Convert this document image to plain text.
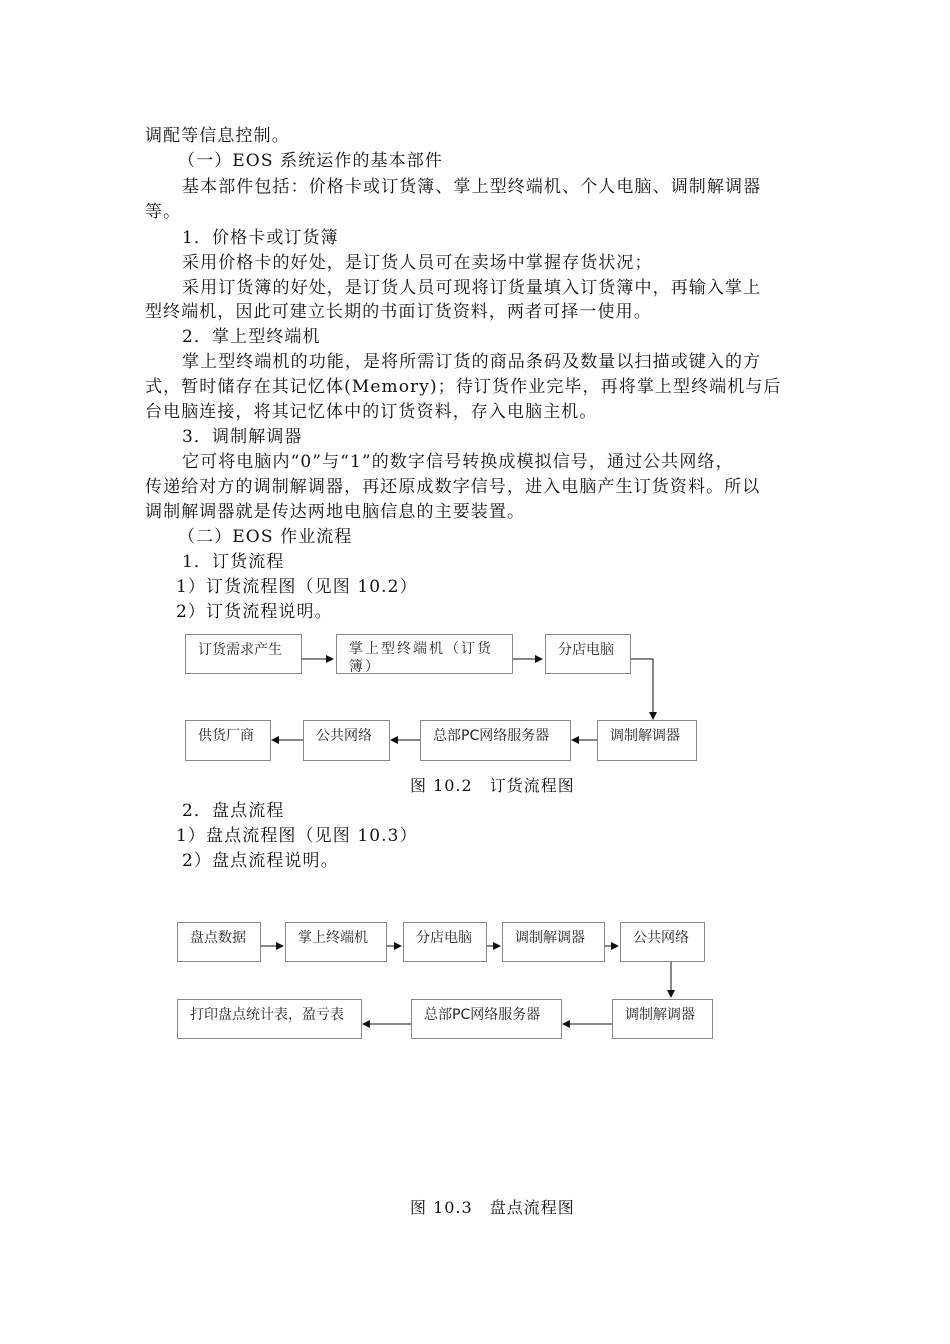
调配等信息控制。
（一）EOS 系统运作的基本部件
基本部件包括：价格卡或订货簿、掌上型终端机、个人电脑、调制解调器
等。
1．价格卡或订货簿
采用价格卡的好处，是订货人员可在卖场中掌握存货状况；
采用订货簿的好处，是订货人员可现将订货量填入订货簿中，再输入掌上
型终端机，因此可建立长期的书面订货资料，两者可择一使用。
2．掌上型终端机
掌上型终端机的功能，是将所需订货的商品条码及数量以扫描或键入的方
式，暂时储存在其记忆体(Memory)；待订货作业完毕，再将掌上型终端机与后
台电脑连接，将其记忆体中的订货资料，存入电脑主机。
3．调制解调器
它可将电脑内“0”与“1”的数字信号转换成模拟信号，通过公共网络，
传递给对方的调制解调器，再还原成数字信号，进入电脑产生订货资料。所以
调制解调器就是传达两地电脑信息的主要装置。
（二）EOS 作业流程
1．订货流程
1）订货流程图（见图 10.2）
2）订货流程说明。
订货需求产生	掌上型终端机（订货簿）
分店电脑
调制解调器
总部PC网络服务器
公共网络
供货厂商
图 10.2　订货流程图
2．盘点流程
1）盘点流程图（见图 10.3）
2）盘点流程说明。
盘点数据	掌上终端机	分店电脑	调制解调器	公共网络
调制解调器
总部PC网络服务器
打印盘点统计表，盈亏表
图 10.3　盘点流程图
